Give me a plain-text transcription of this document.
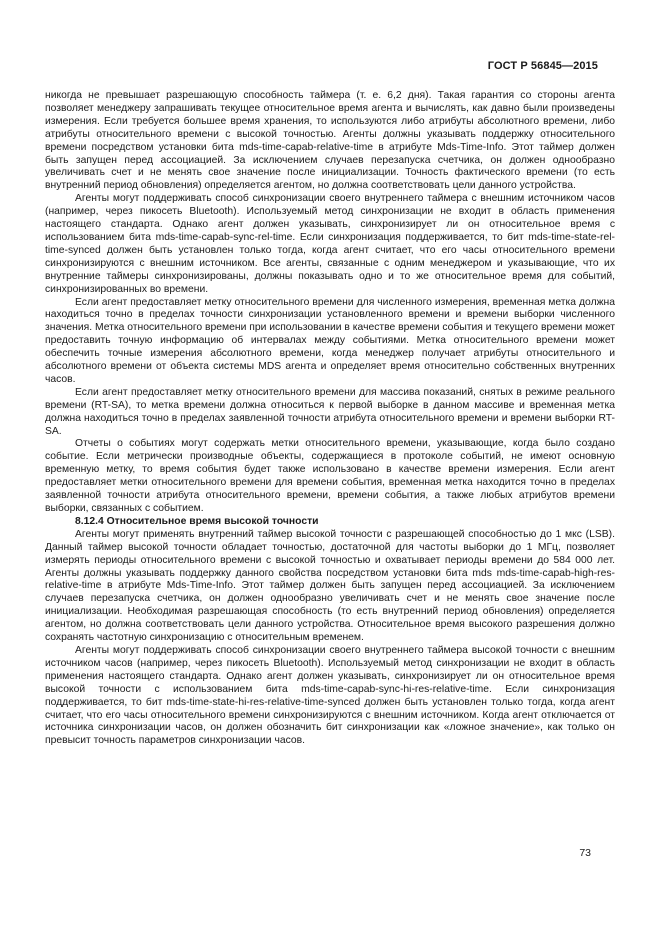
ГОСТ Р 56845—2015

никогда не превышает разрешающую способность таймера (т. е. 6,2 дня). Такая гарантия со стороны агента позволяет менеджеру запрашивать текущее относительное время агента и вычислять, как давно были произведены измерения. Если требуется большее время хранения, то используются либо атрибуты абсолютного времени, либо атрибуты относительного времени с высокой точностью. Агенты должны указывать поддержку относительного времени посредством установки бита mds-time-capab-relative-time в атрибуте Mds-Time-Info. Этот таймер должен быть запущен перед ассоциацией. За исключением случаев перезапуска счетчика, он должен однообразно увеличивать счет и не менять свое значение после инициализации. Точность фактического времени (то есть внутренний период обновления) определяется агентом, но должна соответствовать цели данного устройства.

Агенты могут поддерживать способ синхронизации своего внутреннего таймера с внешним источником часов (например, через пикосеть Bluetooth). Используемый метод синхронизации не входит в область применения настоящего стандарта. Однако агент должен указывать, синхронизирует ли он относительное время с использованием бита mds-time-capab-sync-rel-time. Если синхронизация поддерживается, то бит mds-time-state-rel-time-synced должен быть установлен только тогда, когда агент считает, что его часы относительного времени синхронизируются с внешним источником. Все агенты, связанные с одним менеджером и указывающие, что их внутренние таймеры синхронизированы, должны показывать одно и то же относительное время для событий, синхронизированных во времени.

Если агент предоставляет метку относительного времени для численного измерения, временная метка должна находиться точно в пределах точности синхронизации установленного времени и времени выборки численного значения. Метка относительного времени при использовании в качестве времени события и текущего времени может предоставить точную информацию об интервалах между событиями. Метка относительного времени может обеспечить точные измерения абсолютного времени, когда менеджер получает атрибуты относительного и абсолютного времени от объекта системы MDS агента и определяет время относительно собственных внутренних часов.

Если агент предоставляет метку относительного времени для массива показаний, снятых в режиме реального времени (RT-SA), то метка времени должна относиться к первой выборке в данном массиве и временная метка должна находиться точно в пределах заявленной точности атрибута относительного времени и времени выборки RT-SA.

Отчеты о событиях могут содержать метки относительного времени, указывающие, когда было создано событие. Если метрически производные объекты, содержащиеся в протоколе событий, не имеют основную временную метку, то время события будет также использовано в качестве времени измерения. Если агент предоставляет метки относительного времени для времени события, временная метка находится точно в пределах заявленной точности атрибута относительного времени, времени события, а также любых атрибутов времени выборки, связанных с событием.

8.12.4 Относительное время высокой точности

Агенты могут применять внутренний таймер высокой точности с разрешающей способностью до 1 мкс (LSB). Данный таймер высокой точности обладает точностью, достаточной для частоты выборки до 1 МГц, позволяет измерять периоды относительного времени с высокой точностью и охватывает периоды времени до 584 000 лет. Агенты должны указывать поддержку данного свойства посредством установки бита mds mds-time-capab-high-res-relative-time в атрибуте Mds-Time-Info. Этот таймер должен быть запущен перед ассоциацией. За исключением случаев перезапуска счетчика, он должен однообразно увеличивать счет и не менять свое значение после инициализации. Необходимая разрешающая способность (то есть внутренний период обновления) определяется агентом, но должна соответствовать цели данного устройства. Относительное время высокого разрешения должно сохранять частотную синхронизацию с относительным временем.

Агенты могут поддерживать способ синхронизации своего внутреннего таймера высокой точности с внешним источником часов (например, через пикосеть Bluetooth). Используемый метод синхронизации не входит в область применения настоящего стандарта. Однако агент должен указывать, синхронизирует ли он относительное время высокой точности с использованием бита mds-time-capab-sync-hi-res-relative-time. Если синхронизация поддерживается, то бит mds-time-state-hi-res-relative-time-synced должен быть установлен только тогда, когда агент считает, что его часы относительного времени синхронизируются с внешним источником. Когда агент отключается от источника синхронизации часов, он должен обозначить бит синхронизации как «ложное значение», как только он превысит точность параметров синхронизации часов.

73
